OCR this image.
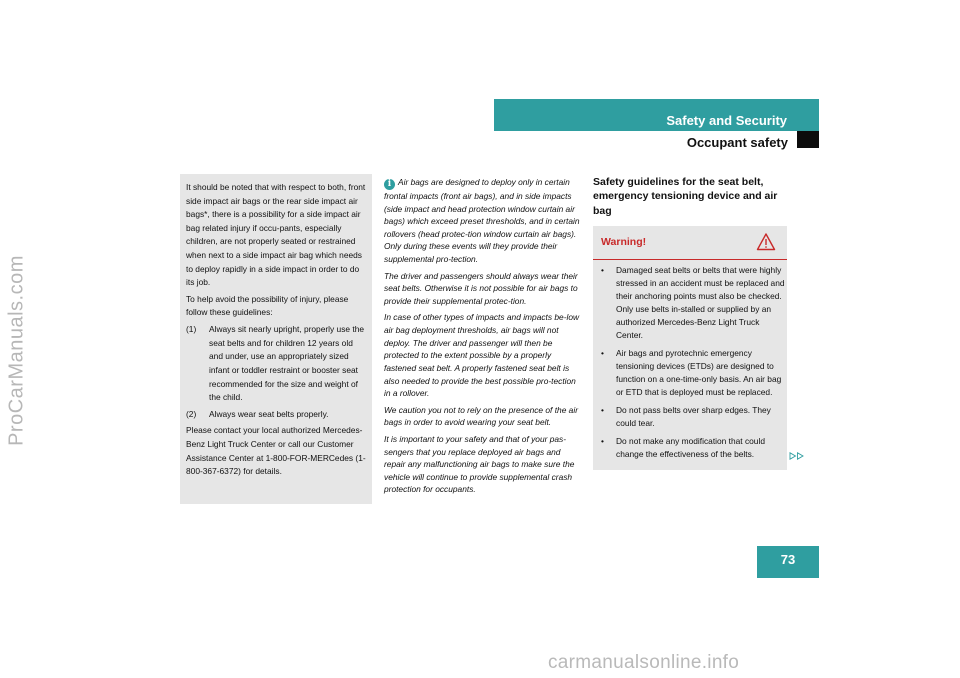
ProCarManuals.com
Safety and Security
Occupant safety

It should be noted that with respect to both, front side impact air bags or the rear side impact air bags*, there is a possibility for a side impact air bag related injury if occu-pants, especially children, are not properly seated or restrained when next to a side impact air bag which needs to deploy rapidly in a side impact in order to do its job.

To help avoid the possibility of injury, please follow these guidelines:

(1) Always sit nearly upright, properly use the seat belts and for children 12 years old and under, use an appropriately sized infant or toddler restraint or booster seat recommended for the size and weight of the child.
(2) Always wear seat belts properly.

Please contact your local authorized Mercedes-Benz Light Truck Center or call our Customer Assistance Center at 1-800-FOR-MERCedes (1-800-367-6372) for details.

i Air bags are designed to deploy only in certain frontal impacts (front air bags), and in side impacts (side impact and head protection window curtain air bags) which exceed preset thresholds, and in certain rollovers (head protec-tion window curtain air bags). Only during these events will they provide their supplemental pro-tection.

The driver and passengers should always wear their seat belts. Otherwise it is not possible for air bags to provide their supplemental protec-tion.

In case of other types of impacts and impacts be-low air bag deployment thresholds, air bags will not deploy. The driver and passenger will then be protected to the extent possible by a properly fastened seat belt. A properly fastened seat belt is also needed to provide the best possible pro-tection in a rollover.

We caution you not to rely on the presence of the air bags in order to avoid wearing your seat belt.

It is important to your safety and that of your pas-sengers that you replace deployed air bags and repair any malfunctioning air bags to make sure the vehicle will continue to provide supplemental crash protection for occupants.

Safety guidelines for the seat belt, emergency tensioning device and air bag
Warning!
• Damaged seat belts or belts that were highly stressed in an accident must be replaced and their anchoring points must also be checked. Only use belts in-stalled or supplied by an authorized Mercedes-Benz Light Truck Center.
• Air bags and pyrotechnic emergency tensioning devices (ETDs) are designed to function on a one-time-only basis. An air bag or ETD that is deployed must be replaced.
• Do not pass belts over sharp edges. They could tear.
• Do not make any modification that could change the effectiveness of the belts.
73
carmanualsonline.info
